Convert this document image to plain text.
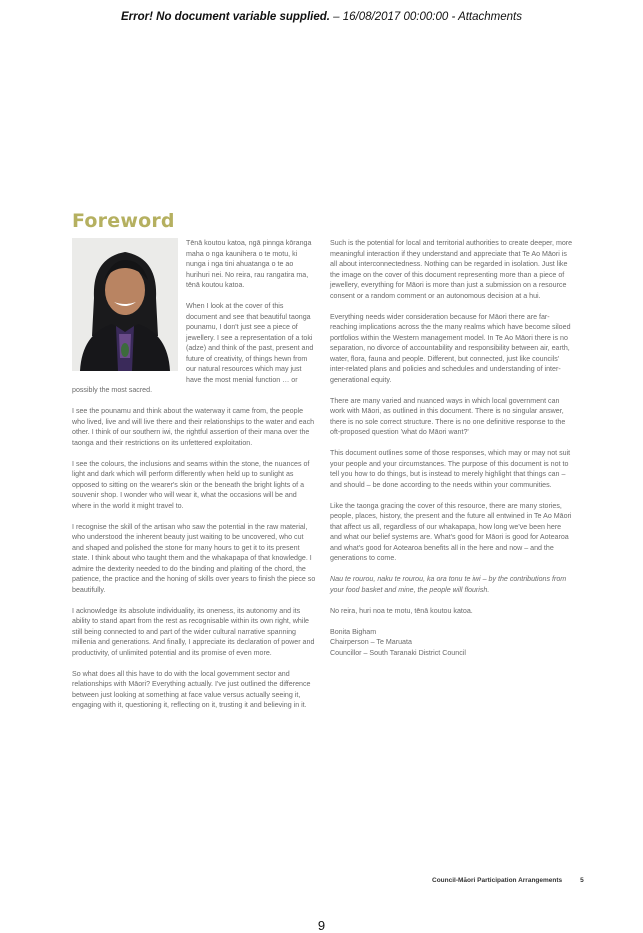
Error! No document variable supplied. – 16/08/2017 00:00:00 - Attachments
Foreword

Tēnā koutou katoa, ngā pinnga kōranga maha o nga kaunihera o te motu, ki nunga i nga tini ahuatanga o te ao hurihuri nei. No reira, rau rangatira ma, tēnā koutou katoa.

When I look at the cover of this document and see that beautiful taonga pounamu, I don't just see a piece of jewellery. I see a representation of a toki (adze) and think of the past, present and future of creativity, of things hewn from our natural resources which may just have the most menial function … or possibly the most sacred.

I see the pounamu and think about the waterway it came from, the people who lived, live and will live there and their relationships to the water and each other. I think of our southern iwi, the rightful assertion of their mana over the taonga and their restrictions on its unfettered exploitation.

I see the colours, the inclusions and seams within the stone, the nuances of light and dark which will perform differently when held up to sunlight as opposed to sitting on the wearer's skin or the beneath the bright lights of a souvenir shop. I wonder who will wear it, what the occasions will be and where in the world it might travel to.

I recognise the skill of the artisan who saw the potential in the raw material, who understood the inherent beauty just waiting to be uncovered, who cut and shaped and polished the stone for many hours to get it to its present state. I think about who taught them and the whakapapa of that knowledge. I admire the dexterity needed to do the binding and plaiting of the chord, the patience, the practice and the honing of skills over years to finish the piece so beautifully.

I acknowledge its absolute individuality, its oneness, its autonomy and its ability to stand apart from the rest as recognisable within its own right, while still being connected to and part of the wider cultural narrative spanning millenia and generations. And finally, I appreciate its declaration of power and productivity, of unlimited potential and its promise of even more.

So what does all this have to do with the local government sector and relationships with Māori? Everything actually. I've just outlined the difference between just looking at something at face value versus actually seeing it, engaging with it, questioning it, reflecting on it, trusting it and believing in it.

Such is the potential for local and territorial authorities to create deeper, more meaningful interaction if they understand and appreciate that Te Ao Māori is all about interconnectedness. Nothing can be regarded in isolation. Just like the image on the cover of this document representing more than a piece of jewellery, everything for Māori is more than just a submission on a resource consent or a random comment or an autonomous decision at a hui.

Everything needs wider consideration because for Māori there are far-reaching implications across the the many realms which have become siloed portfolios within the Western management model. In Te Ao Māori there is no separation, no divorce of accountability and responsibility between air, earth, water, flora, fauna and people. Different, but connected, just like councils' inter-related plans and policies and schedules and understanding of inter-generational equity.

There are many varied and nuanced ways in which local government can work with Māori, as outlined in this document. There is no singular answer, there is no sole correct structure. There is no one definitive response to the oft-proposed question 'what do Māori want?'

This document outlines some of those responses, which may or may not suit your people and your circumstances. The purpose of this document is not to tell you how to do things, but is instead to merely highlight that things can – and should – be done according to the needs within your communities.

Like the taonga gracing the cover of this resource, there are many stories, people, places, history, the present and the future all entwined in Te Ao Māori that affect us all, regardless of our whakapapa, how long we've been here and what our belief systems are. What's good for Māori is good for Aotearoa and what's good for Aotearoa benefits all in the here and now – and the generations to come.

Nau te rourou, naku te rourou, ka ora tonu te iwi – by the contributions from your food basket and mine, the people will flourish.

No reira, huri noa te motu, tēnā koutou katoa.

Bonita Bigham
Chairperson – Te Maruata
Councillor – South Taranaki District Council
Council-Māori Participation Arrangements	5
9
